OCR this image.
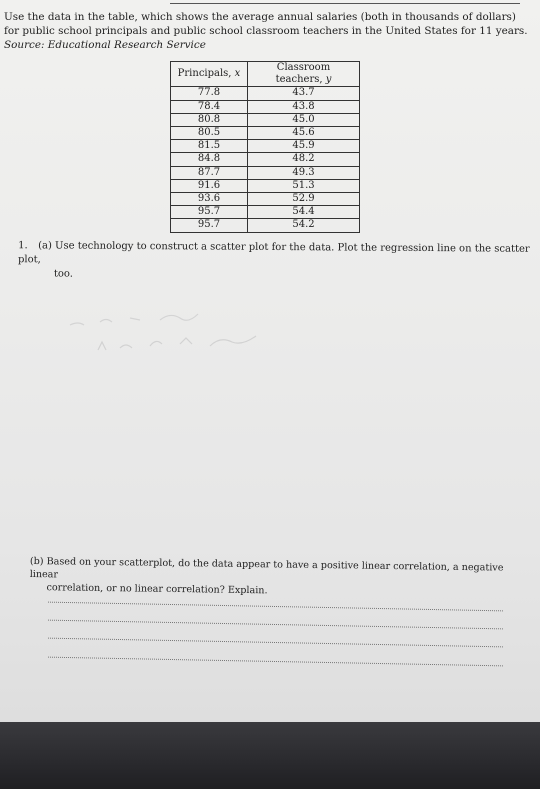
Use the data in the table, which shows the average annual salaries (both in thousands of dollars) for public school principals and public school classroom teachers in the United States for 11 years. Source: Educational Research Service
Principals, x	Classroom teachers, y
77.8	43.7
78.4	43.8
80.8	45.0
80.5	45.6
81.5	45.9
84.8	48.2
87.7	49.3
91.6	51.3
93.6	52.9
95.7	54.4
95.7	54.2
1. (a) Use technology to construct a scatter plot for the data. Plot the regression line on the scatter plot,
too.
(b) Based on your scatterplot, do the data appear to have a positive linear correlation, a negative linear
correlation, or no linear correlation? Explain.
